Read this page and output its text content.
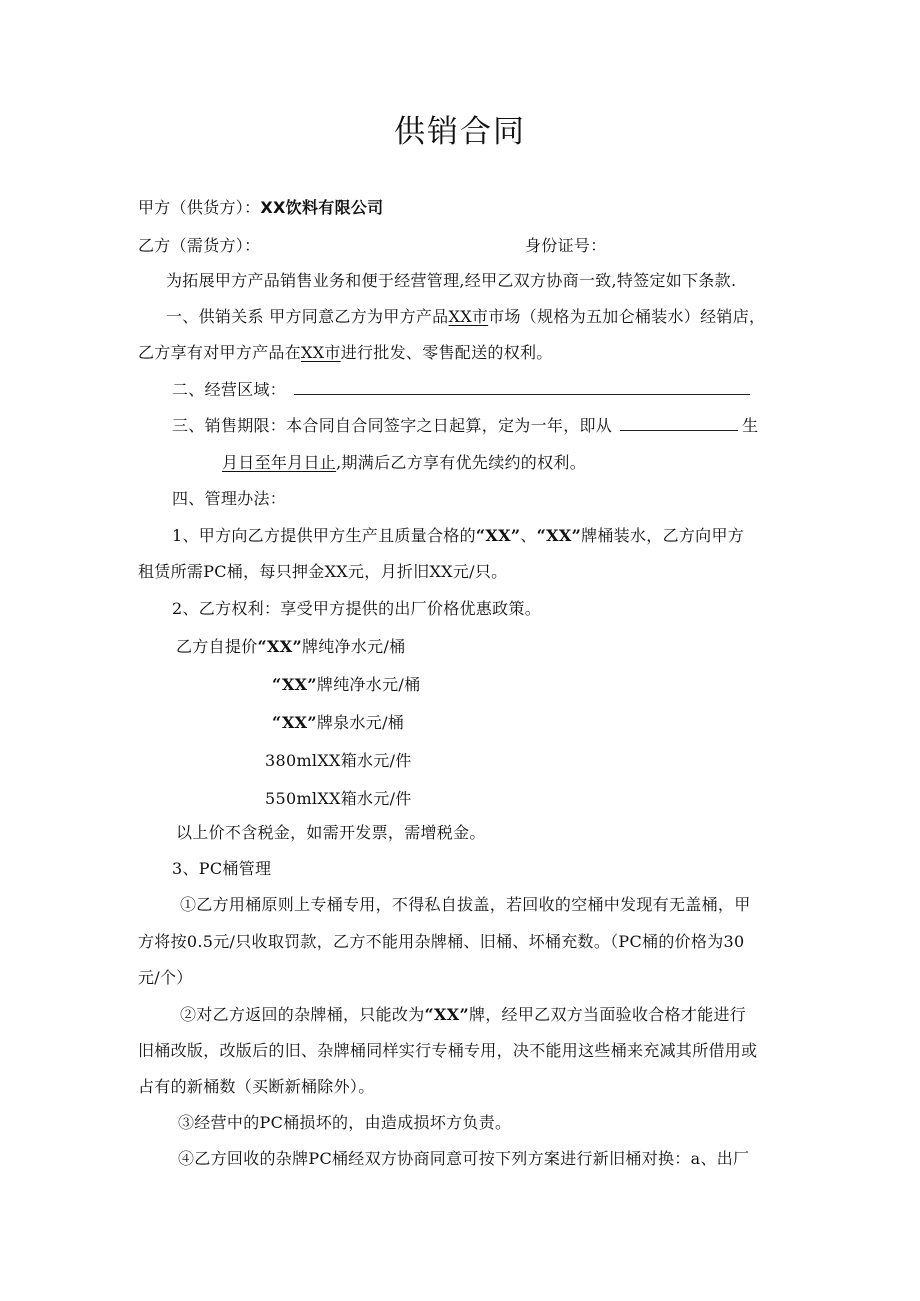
供销合同
甲方（供货方）：XX饮料有限公司
乙方（需货方）：	身份证号：
为拓展甲方产品销售业务和便于经营管理,经甲乙双方协商一致,特签定如下条款.
一、供销关系 甲方同意乙方为甲方产品XX市市场（规格为五加仑桶装水）经销店，
乙方享有对甲方产品在XX市进行批发、零售配送的权利。
二、经营区域：
三、销售期限：本合同自合同签字之日起算，定为一年，即从	生
月日至年月日止,期满后乙方享有优先续约的权利。
四、管理办法：
1、甲方向乙方提供甲方生产且质量合格的“XX”、“XX”牌桶装水，乙方向甲方
租赁所需PC桶，每只押金XX元，月折旧XX元/只。
2、乙方权利：享受甲方提供的出厂价格优惠政策。
乙方自提价“XX”牌纯净水元/桶
“XX”牌纯净水元/桶
“XX”牌泉水元/桶
380mlXX箱水元/件
550mlXX箱水元/件
以上价不含税金，如需开发票，需增税金。
3、PC桶管理
①乙方用桶原则上专桶专用，不得私自拔盖，若回收的空桶中发现有无盖桶，甲
方将按0.5元/只收取罚款，乙方不能用杂牌桶、旧桶、坏桶充数。（PC桶的价格为30
元/个）
②对乙方返回的杂牌桶，只能改为“XX”牌，经甲乙双方当面验收合格才能进行
旧桶改版，改版后的旧、杂牌桶同样实行专桶专用，决不能用这些桶来充减其所借用或
占有的新桶数（买断新桶除外）。
③经营中的PC桶损坏的，由造成损坏方负责。
④乙方回收的杂牌PC桶经双方协商同意可按下列方案进行新旧桶对换：a、出厂
